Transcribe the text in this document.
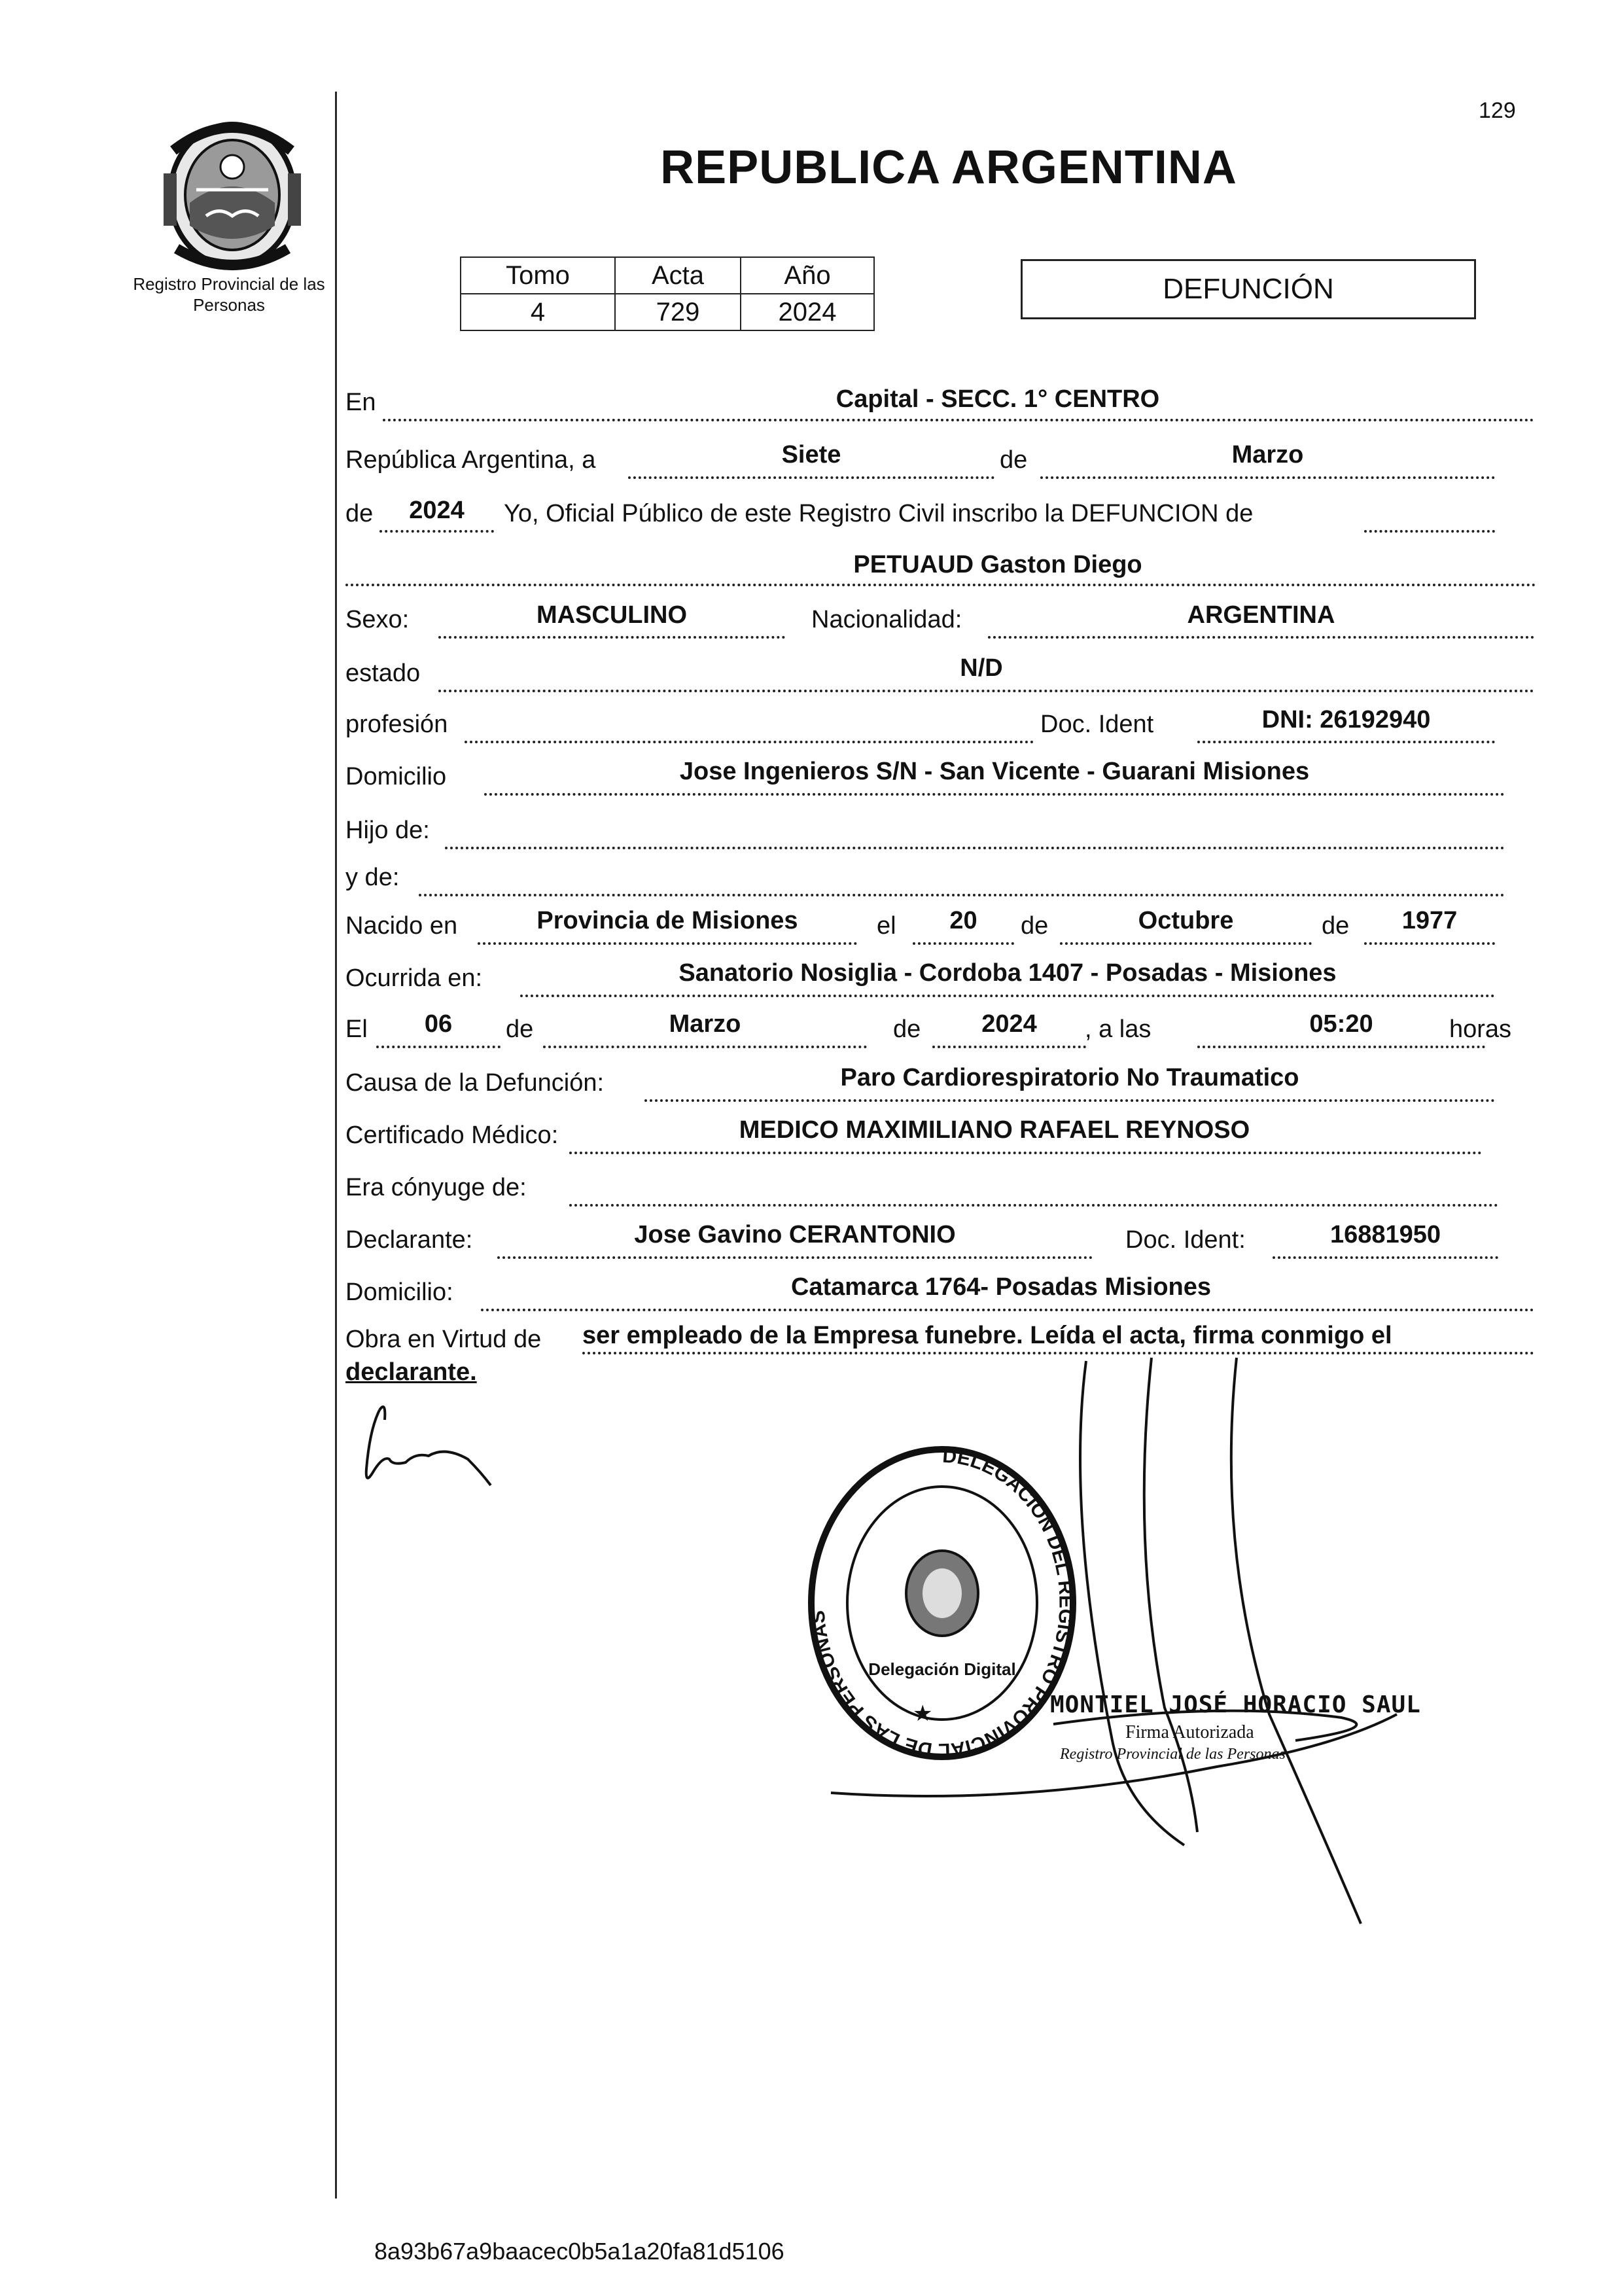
Registro Provincial de las Personas
129
REPUBLICA ARGENTINA
Tomo	Acta	Año
4	729	2024
DEFUNCIÓN
En	Capital - SECC. 1° CENTRO
República Argentina, a	Siete	de	Marzo
de	2024	Yo, Oficial Público de este Registro Civil inscribo la DEFUNCION de
PETUAUD Gaston Diego
Sexo:	MASCULINO	Nacionalidad:	ARGENTINA
estado	N/D
profesión	Doc. Ident	DNI: 26192940
Domicilio	Jose Ingenieros S/N - San Vicente - Guarani Misiones
Hijo de:
y de:
Nacido en	Provincia de Misiones	el	20	de	Octubre	de	1977
Ocurrida en:	Sanatorio Nosiglia - Cordoba 1407 - Posadas - Misiones
El	06	de	Marzo	de	2024	, a las	05:20	horas
Causa de la Defunción:	Paro Cardiorespiratorio No Traumatico
Certificado Médico:	MEDICO MAXIMILIANO RAFAEL REYNOSO
Era cónyuge de:
Declarante:	Jose Gavino CERANTONIO	Doc. Ident:	16881950
Domicilio:	Catamarca 1764- Posadas Misiones
Obra en Virtud de ser empleado de la Empresa funebre. Leída el acta, firma conmigo el
declarante.
DELEGACION DEL REGISTRO PROVINCIAL DE LAS PERSONAS
Delegación Digital
★	MONTIEL JOSÉ HORACIO SAUL
Firma Autorizada
Registro Provincial de las Personas
8a93b67a9baacec0b5a1a20fa81d5106
